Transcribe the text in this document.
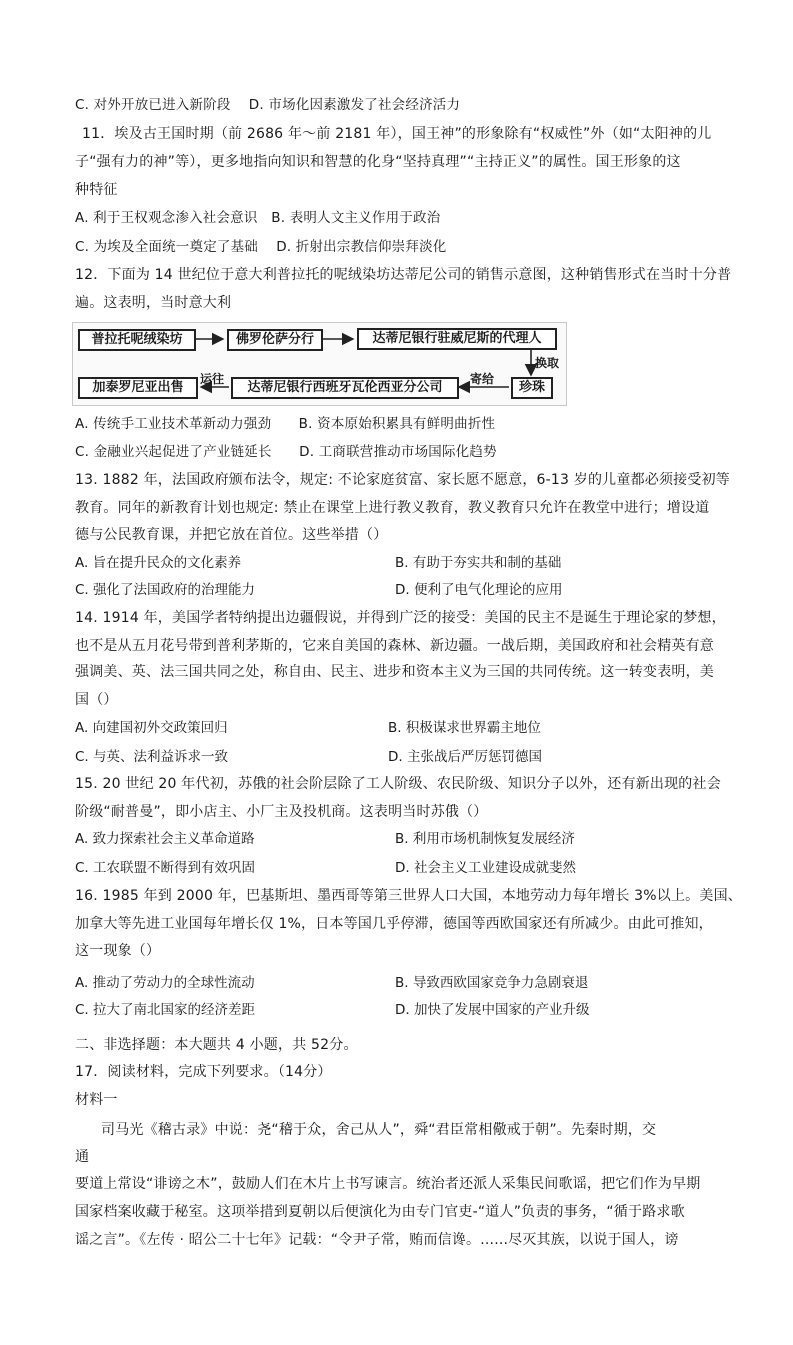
C. 对外开放已进入新阶段　 D. 市场化因素激发了社会经济活力
11．埃及古王国时期（前 2686 年～前 2181 年），国王神”的形象除有“权威性”外（如“太阳神的儿
子“强有力的神”等），更多地指向知识和智慧的化身“坚持真理”“主持正义”的属性。国王形象的这
种特征
A. 利于王权观念渗入社会意识　B. 表明人文主义作用于政治
C. 为埃及全面统一奠定了基础　 D. 折射出宗教信仰崇拜淡化
12．下面为 14 世纪位于意大利普拉托的呢绒染坊达蒂尼公司的销售示意图，这种销售形式在当时十分普
遍。这表明，当时意大利
普拉托呢绒染坊	佛罗伦萨分行	达蒂尼银行驻威尼斯的代理人
换取
珍珠
寄给
达蒂尼银行西班牙瓦伦西亚分公司
运往
加泰罗尼亚出售
A. 传统手工业技术革新动力强劲　　B. 资本原始积累具有鲜明曲折性
C. 金融业兴起促进了产业链延长　　D. 工商联营推动市场国际化趋势
13. 1882 年，法国政府颁布法令，规定: 不论家庭贫富、家长愿不愿意，6-13 岁的儿童都必须接受初等
教育。同年的新教育计划也规定: 禁止在课堂上进行教义教育，教义教育只允许在教堂中进行；增设道
德与公民教育课，并把它放在首位。这些举措（）
A. 旨在提升民众的文化素养	B. 有助于夯实共和制的基础
C. 强化了法国政府的治理能力	D. 便利了电气化理论的应用
14. 1914 年，美国学者特纳提出边疆假说，并得到广泛的接受：美国的民主不是诞生于理论家的梦想，
也不是从五月花号带到普利茅斯的，它来自美国的森林、新边疆。一战后期，美国政府和社会精英有意
强调美、英、法三国共同之处，称自由、民主、进步和资本主义为三国的共同传统。这一转变表明，美
国（）
A. 向建国初外交政策回归	B. 积极谋求世界霸主地位
C. 与英、法利益诉求一致	D. 主张战后严厉惩罚德国
15. 20 世纪 20 年代初，苏俄的社会阶层除了工人阶级、农民阶级、知识分子以外，还有新出现的社会
阶级“耐普曼”，即小店主、小厂主及投机商。这表明当时苏俄（）
A. 致力探索社会主义革命道路	B. 利用市场机制恢复发展经济
C. 工农联盟不断得到有效巩固	D. 社会主义工业建设成就斐然
16. 1985 年到 2000 年，巴基斯坦、墨西哥等第三世界人口大国，本地劳动力每年增长 3%以上。美国、
加拿大等先进工业国每年增长仅 1%，日本等国几乎停滞，德国等西欧国家还有所减少。由此可推知，
这一现象（）
A. 推动了劳动力的全球性流动	B. 导致西欧国家竞争力急剧衰退
C. 拉大了南北国家的经济差距	D. 加快了发展中国家的产业升级
二、非选择题：本大题共 4 小题，共 52分。
17．阅读材料，完成下列要求。（14分）
材料一
司马光《稽古录》中说：尧“稽于众，舍己从人”，舜“君臣常相儆戒于朝”。先秦时期，交
通
要道上常设“诽谤之木”，鼓励人们在木片上书写谏言。统治者还派人采集民间歌谣，把它们作为早期
国家档案收藏于秘室。这项举措到夏朝以后便演化为由专门官吏-“道人”负责的事务，“循于路求歌
谣之言”。《左传 · 昭公二十七年》记载：“令尹子常，贿而信谗。......尽灭其族，以说于国人，谤
